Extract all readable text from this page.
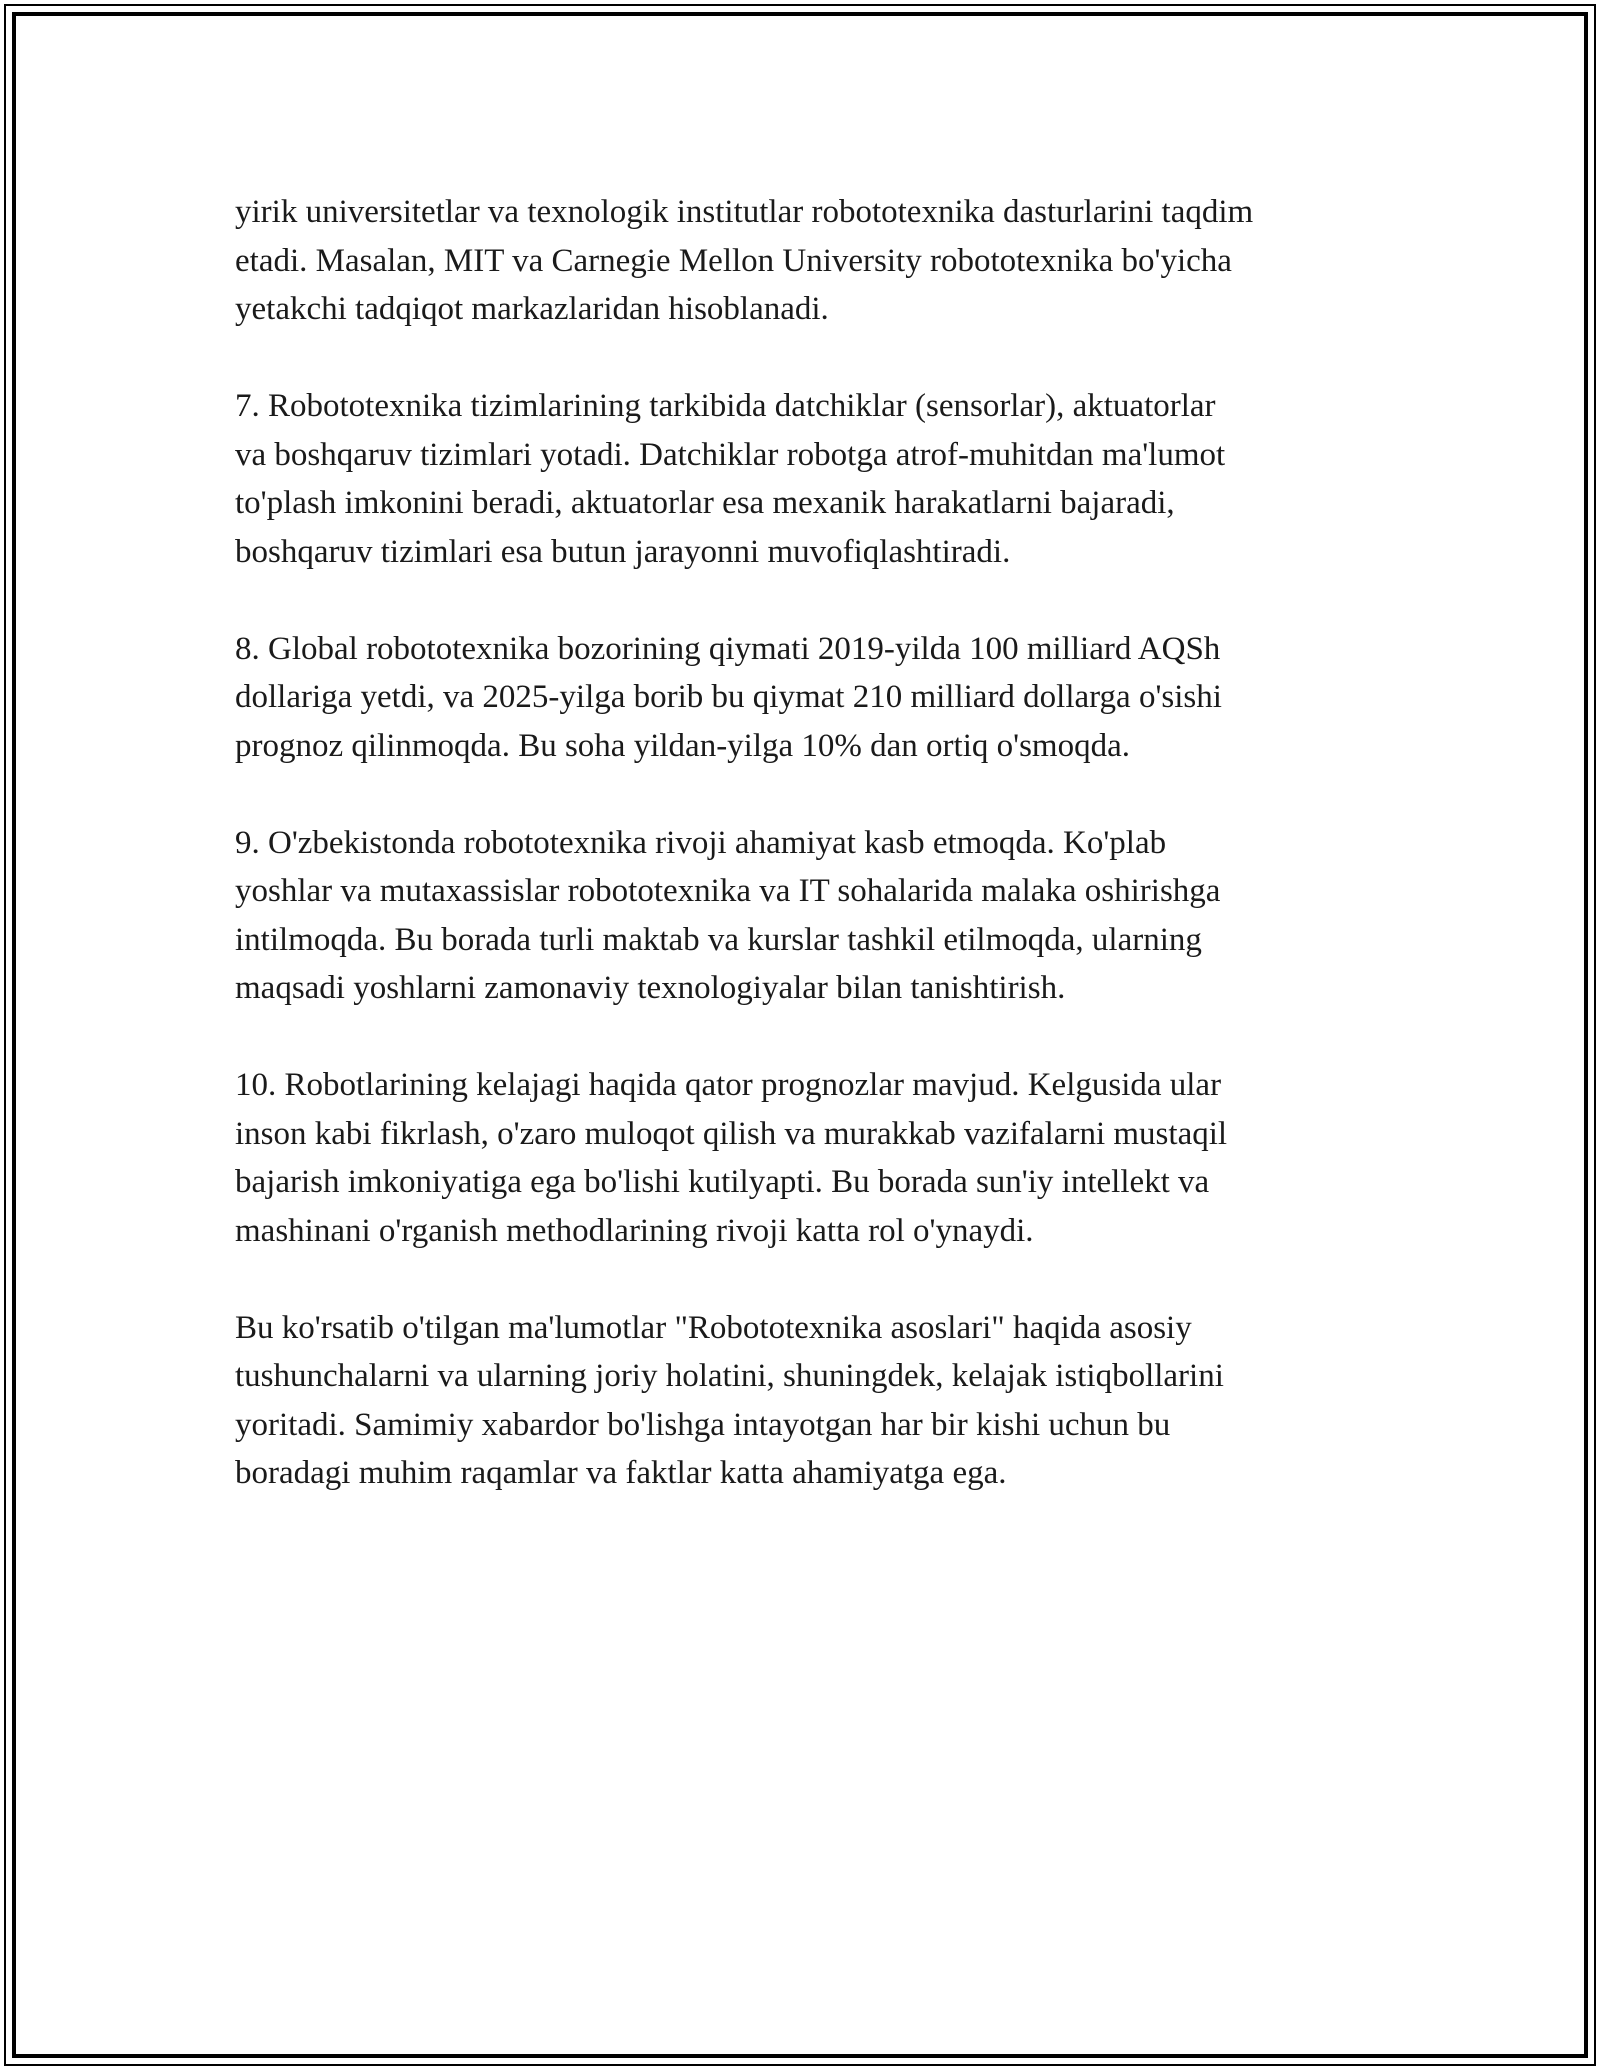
yirik universitetlar va texnologik institutlar robototexnika dasturlarini taqdim
etadi. Masalan, MIT va Carnegie Mellon University robototexnika bo'yicha
yetakchi tadqiqot markazlaridan hisoblanadi.

7. Robototexnika tizimlarining tarkibida datchiklar (sensorlar), aktuatorlar
va boshqaruv tizimlari yotadi. Datchiklar robotga atrof-muhitdan ma'lumot
to'plash imkonini beradi, aktuatorlar esa mexanik harakatlarni bajaradi,
boshqaruv tizimlari esa butun jarayonni muvofiqlashtiradi.

8. Global robototexnika bozorining qiymati 2019-yilda 100 milliard AQSh
dollariga yetdi, va 2025-yilga borib bu qiymat 210 milliard dollarga o'sishi
prognoz qilinmoqda. Bu soha yildan-yilga 10% dan ortiq o'smoqda.

9. O'zbekistonda robototexnika rivoji ahamiyat kasb etmoqda. Ko'plab
yoshlar va mutaxassislar robototexnika va IT sohalarida malaka oshirishga
intilmoqda. Bu borada turli maktab va kurslar tashkil etilmoqda, ularning
maqsadi yoshlarni zamonaviy texnologiyalar bilan tanishtirish.

10. Robotlarining kelajagi haqida qator prognozlar mavjud. Kelgusida ular
inson kabi fikrlash, o'zaro muloqot qilish va murakkab vazifalarni mustaqil
bajarish imkoniyatiga ega bo'lishi kutilyapti. Bu borada sun'iy intellekt va
mashinani o'rganish methodlarining rivoji katta rol o'ynaydi.

Bu ko'rsatib o'tilgan ma'lumotlar "Robototexnika asoslari" haqida asosiy
tushunchalarni va ularning joriy holatini, shuningdek, kelajak istiqbollarini
yoritadi. Samimiy xabardor bo'lishga intayotgan har bir kishi uchun bu
boradagi muhim raqamlar va faktlar katta ahamiyatga ega.
